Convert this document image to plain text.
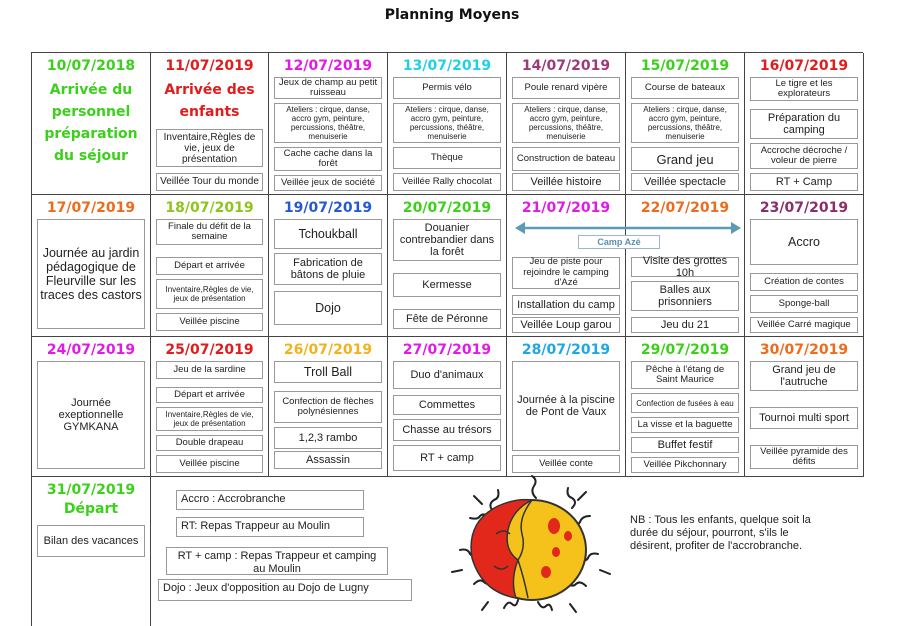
Planning Moyens
10/07/2018
Arrivée du personnel préparation du séjour
11/07/2019
Arrivée des enfants
Inventaire,Règles de vie, jeux de présentation
Veillée Tour du monde
12/07/2019
Jeux de champ au petit ruisseau
Ateliers : cirque, danse, accro gym, peinture, percussions, théâtre, menuiserie
Cache cache dans la forêt
Veillée jeux de société
13/07/2019
Permis vélo
Ateliers : cirque, danse, accro gym, peinture, percussions, théâtre, menuiserie
Thèque
Veillée Rally chocolat
14/07/2019
Poule renard vipère
Ateliers : cirque, danse, accro gym, peinture, percussions, théâtre, menuiserie
Construction de bateau
Veillée histoire
15/07/2019
Course de bateaux
Ateliers : cirque, danse, accro gym, peinture, percussions, théâtre, menuiserie
Grand jeu
Veillée spectacle
16/07/2019
Le tigre et les explorateurs
Préparation du camping
Accroche décroche / voleur de pierre
RT + Camp
17/07/2019
Journée au jardin pédagogique de Fleurville sur les traces des castors
18/07/2019
Finale du défit de la semaine
Départ et arrivée
Inventaire,Règles de vie, jeux de présentation
Veillée piscine
19/07/2019
Tchoukball
Fabrication de bâtons de pluie
Dojo
20/07/2019
Douanier contrebandier dans la forêt
Kermesse
Fête de Péronne
21/07/2019
Jeu de piste pour rejoindre le camping d'Azé
Installation du camp
Veillée Loup garou
22/07/2019
Visite des grottes 10h
Balles aux prisonniers
Jeu du 21
23/07/2019
Accro
Création de contes
Sponge-ball
Veillée Carré magique
24/07/2019
Journée exeptionnelle GYMKANA
25/07/2019
Jeu de la sardine
Départ et arrivée
Inventaire,Règles de vie, jeux de présentation
Double drapeau
Veillée piscine
26/07/2019
Troll Ball
Confection de flèches polynésiennes
1,2,3 rambo
Assassin
27/07/2019
Duo d'animaux
Commettes
Chasse au trésors
RT + camp
28/07/2019
Journée à la piscine de Pont de Vaux
Veillée conte
29/07/2019
Pêche à l'étang de Saint Maurice
Confection de fusées à eau
La visse et la baguette
Buffet festif
Veillée Pikchonnary
30/07/2019
Grand jeu de l'autruche
Tournoi multi sport
Veillée pyramide des défits
31/07/2019
Départ
Bilan des vacances
Camp Azé
Accro : Accrobranche
RT: Repas Trappeur au Moulin
RT + camp : Repas Trappeur et camping au Moulin
Dojo : Jeux d'opposition au Dojo de Lugny
NB : Tous les enfants, quelque soit la durée du séjour, pourront, s'ils le désirent, profiter de l'accrobranche.
